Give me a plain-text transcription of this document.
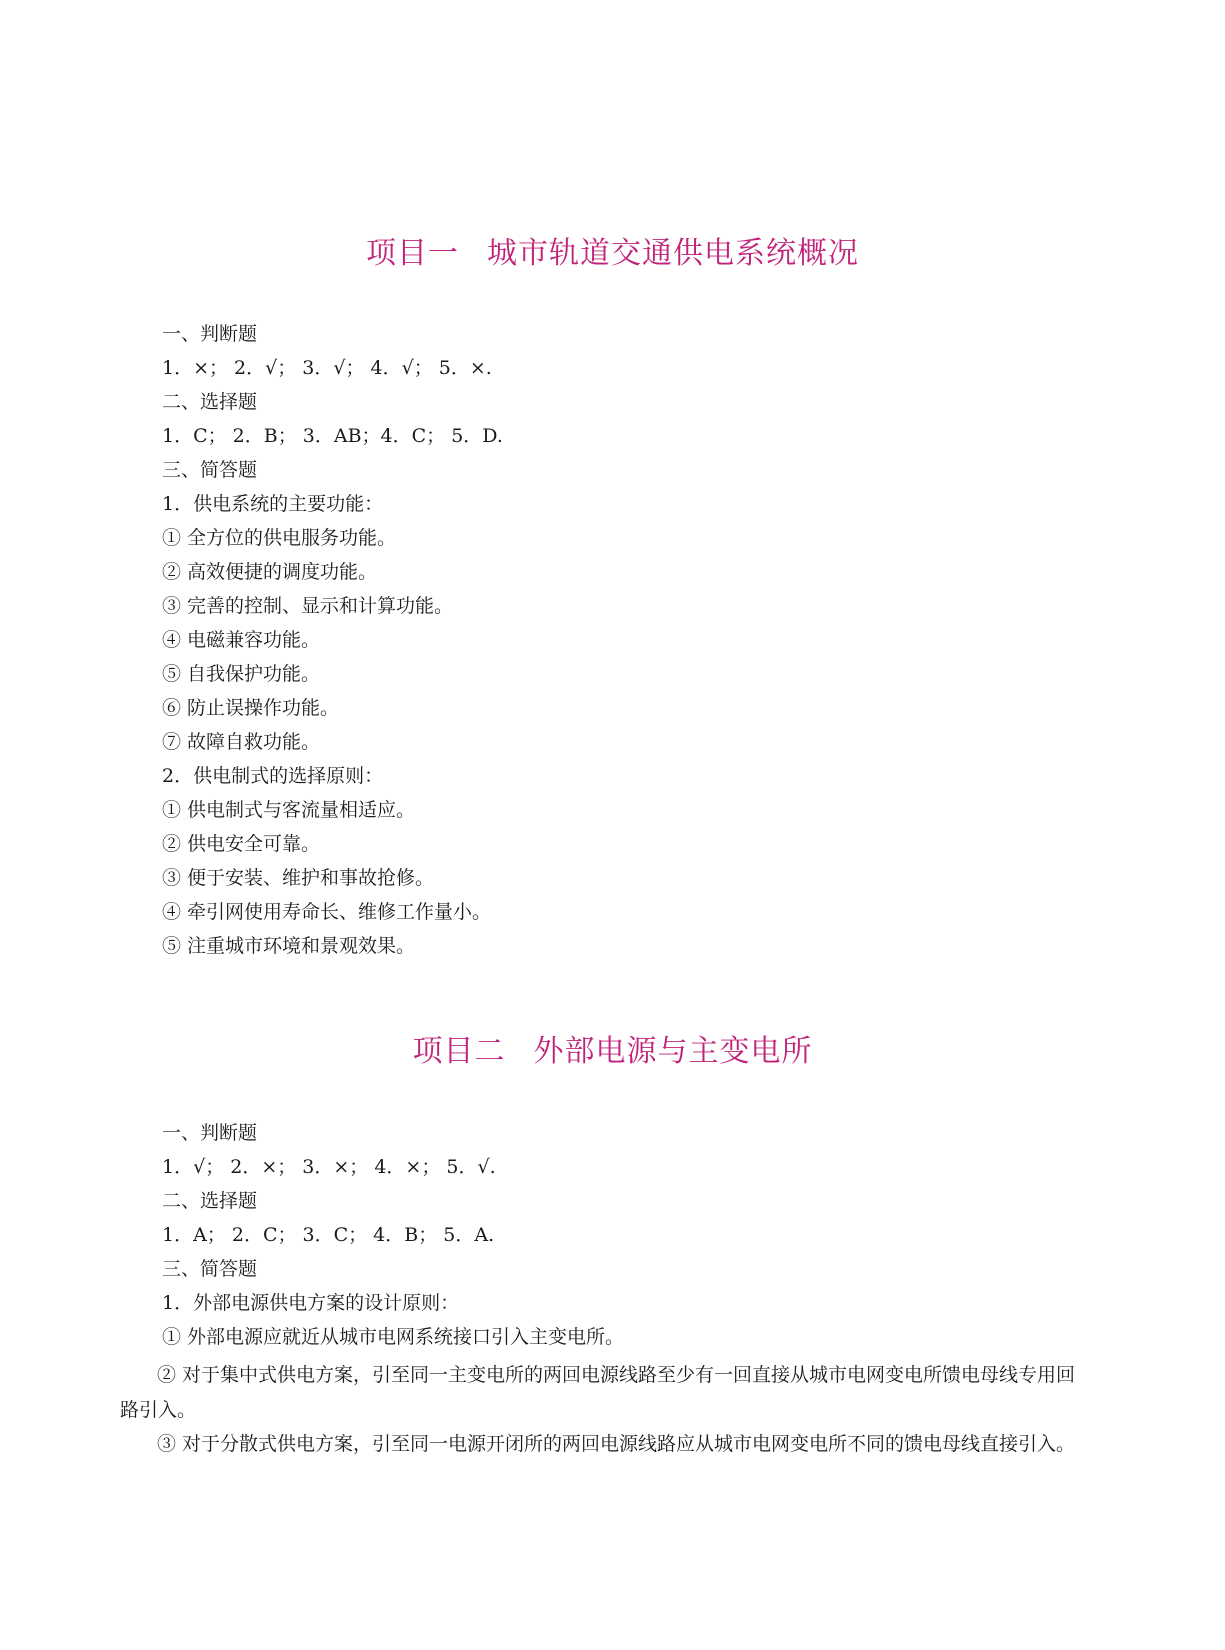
项目一 城市轨道交通供电系统概况
一、判断题
1．×； 2．√； 3．√； 4．√； 5．×.
二、选择题
1．C； 2．B； 3．AB；4．C； 5．D.
三、简答题
1．供电系统的主要功能：
① 全方位的供电服务功能。
② 高效便捷的调度功能。
③ 完善的控制、显示和计算功能。
④ 电磁兼容功能。
⑤ 自我保护功能。
⑥ 防止误操作功能。
⑦ 故障自救功能。
2．供电制式的选择原则：
① 供电制式与客流量相适应。
② 供电安全可靠。
③ 便于安装、维护和事故抢修。
④ 牵引网使用寿命长、维修工作量小。
⑤ 注重城市环境和景观效果。
项目二 外部电源与主变电所
一、判断题
1．√； 2．×； 3．×； 4．×； 5．√.
二、选择题
1．A； 2．C； 3．C； 4．B； 5．A.
三、简答题
1．外部电源供电方案的设计原则：
① 外部电源应就近从城市电网系统接口引入主变电所。

② 对于集中式供电方案，引至同一主变电所的两回电源线路至少有一回直接从城市电网变电所馈电母线专用回路引入。

③ 对于分散式供电方案，引至同一电源开闭所的两回电源线路应从城市电网变电所不同的馈电母线直接引入。
